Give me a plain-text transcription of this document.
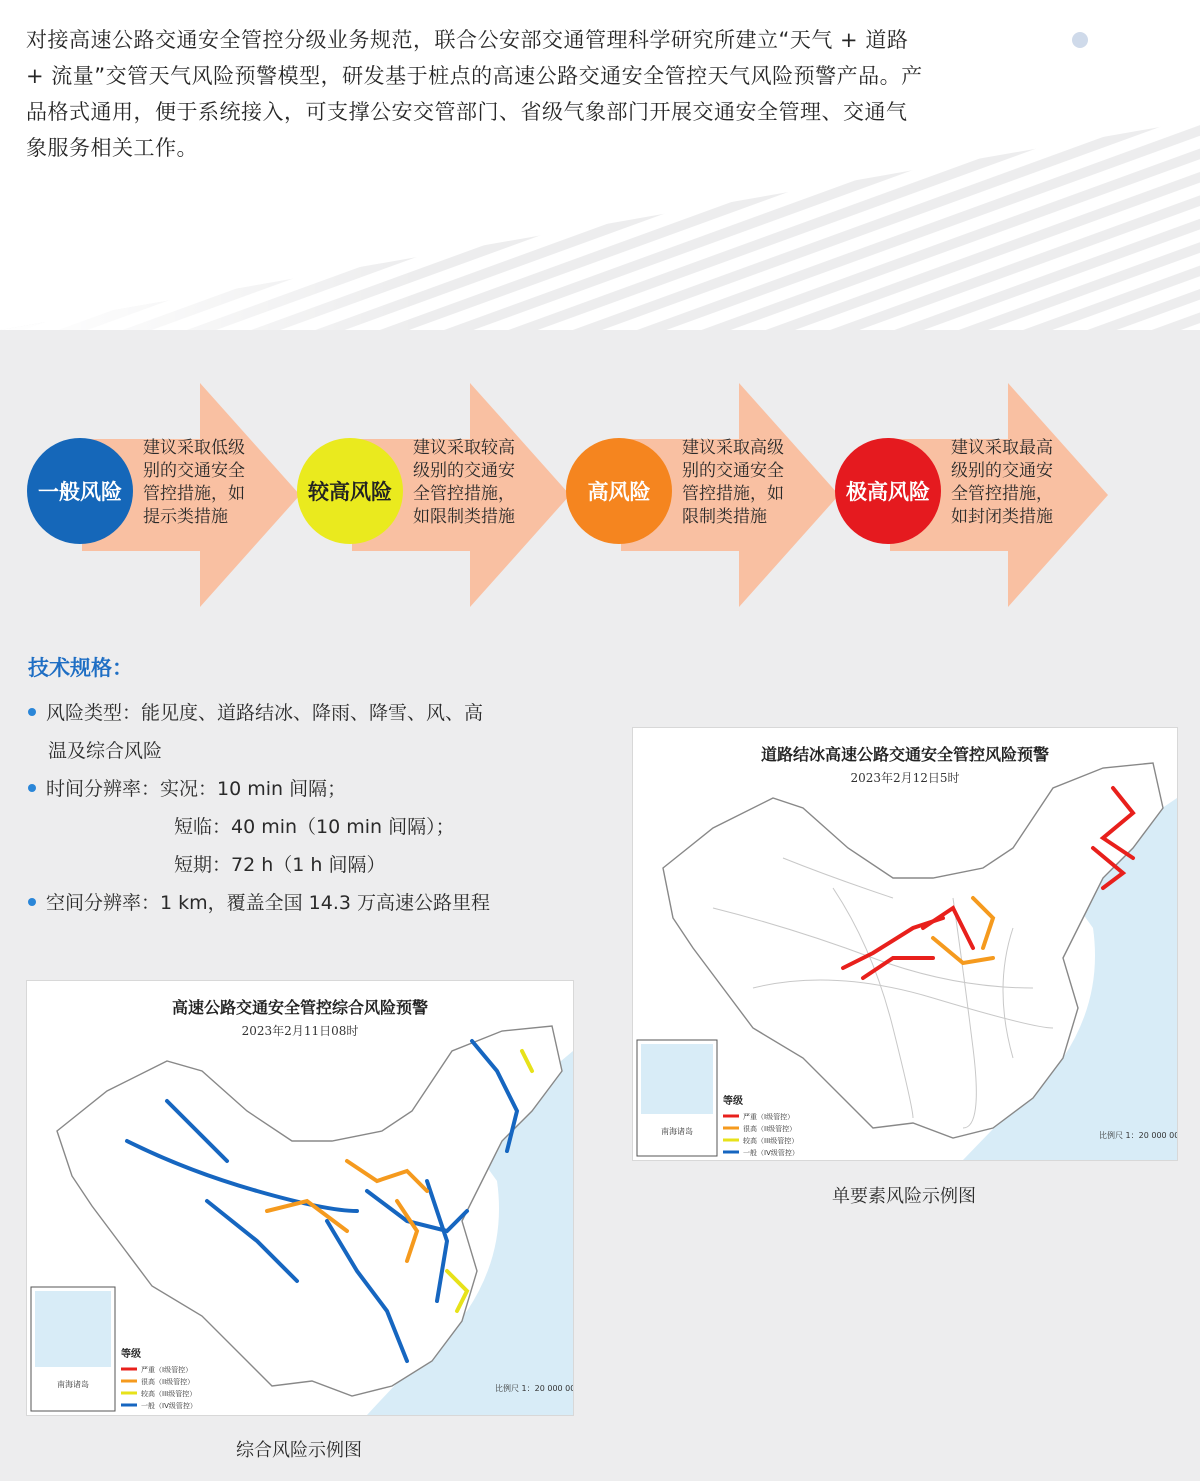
对接高速公路交通安全管控分级业务规范，联合公安部交通管理科学研究所建立“天气 + 道路 + 流量”交管天气风险预警模型，研发基于桩点的高速公路交通安全管控天气风险预警产品。产品格式通用，便于系统接入，可支撑公安交管部门、省级气象部门开展交通安全管理、交通气象服务相关工作。

一般风险
建议采取低级别的交通安全管控措施，如提示类措施
较高风险
建议采取较高级别的交通安全管控措施，如限制类措施
高风险
建议采取高级别的交通安全管控措施，如限制类措施
极高风险
建议采取最高级别的交通安全管控措施，如封闭类措施
技术规格：
风险类型：能见度、道路结冰、降雨、降雪、风、高
温及综合风险
时间分辨率：实况：10 min 间隔；
短临：40 min（10 min 间隔）；
短期：72 h（1 h 间隔）
空间分辨率：1 km，覆盖全国 14.3 万高速公路里程
道路结冰高速公路交通安全管控风险预警
2023年2月12日5时
南海诸岛
等级
严重（I级管控）
很高（II级管控）
较高（III级管控）
一般（IV级管控）
比例尺 1：20 000 000
单要素风险示例图
高速公路交通安全管控综合风险预警
2023年2月11日08时
南海诸岛
等级
严重（I级管控）
很高（II级管控）
较高（III级管控）
一般（IV级管控）
比例尺 1：20 000 000
综合风险示例图
